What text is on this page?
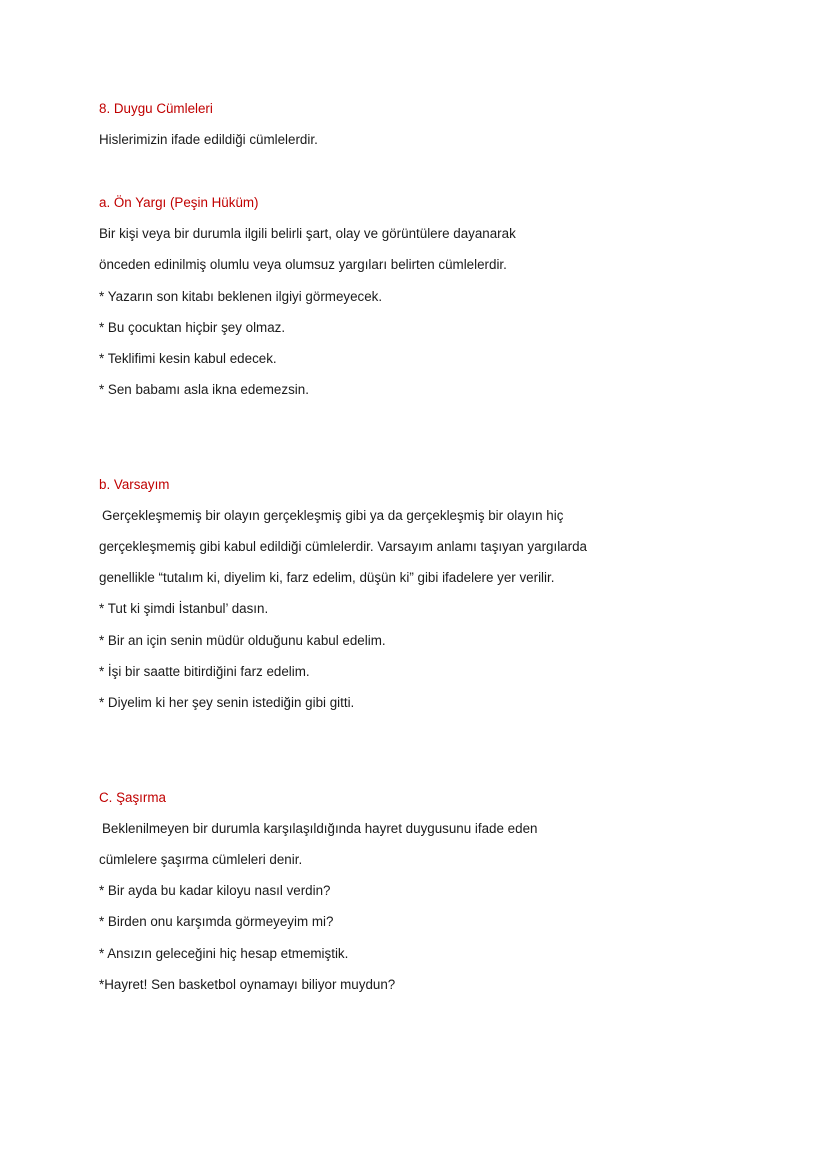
8. Duygu Cümleleri
Hislerimizin ifade edildiği cümlelerdir.
a. Ön Yargı (Peşin Hüküm)
Bir kişi veya bir durumla ilgili belirli şart, olay ve görüntülere dayanarak
önceden edinilmiş olumlu veya olumsuz yargıları belirten cümlelerdir.
* Yazarın son kitabı beklenen ilgiyi görmeyecek.
* Bu çocuktan hiçbir şey olmaz.
* Teklifimi kesin kabul edecek.
* Sen babamı asla ikna edemezsin.
b. Varsayım
Gerçekleşmemiş bir olayın gerçekleşmiş gibi ya da gerçekleşmiş bir olayın hiç
gerçekleşmemiş gibi kabul edildiği cümlelerdir. Varsayım anlamı taşıyan yargılarda
genellikle “tutalım ki, diyelim ki, farz edelim, düşün ki” gibi ifadelere yer verilir.
* Tut ki şimdi İstanbul’ dasın.
* Bir an için senin müdür olduğunu kabul edelim.
* İşi bir saatte bitirdiğini farz edelim.
* Diyelim ki her şey senin istediğin gibi gitti.
C. Şaşırma
Beklenilmeyen bir durumla karşılaşıldığında hayret duygusunu ifade eden
cümlelere şaşırma cümleleri denir.
* Bir ayda bu kadar kiloyu nasıl verdin?
* Birden onu karşımda görmeyeyim mi?
* Ansızın geleceğini hiç hesap etmemiştik.
*Hayret! Sen basketbol oynamayı biliyor muydun?
